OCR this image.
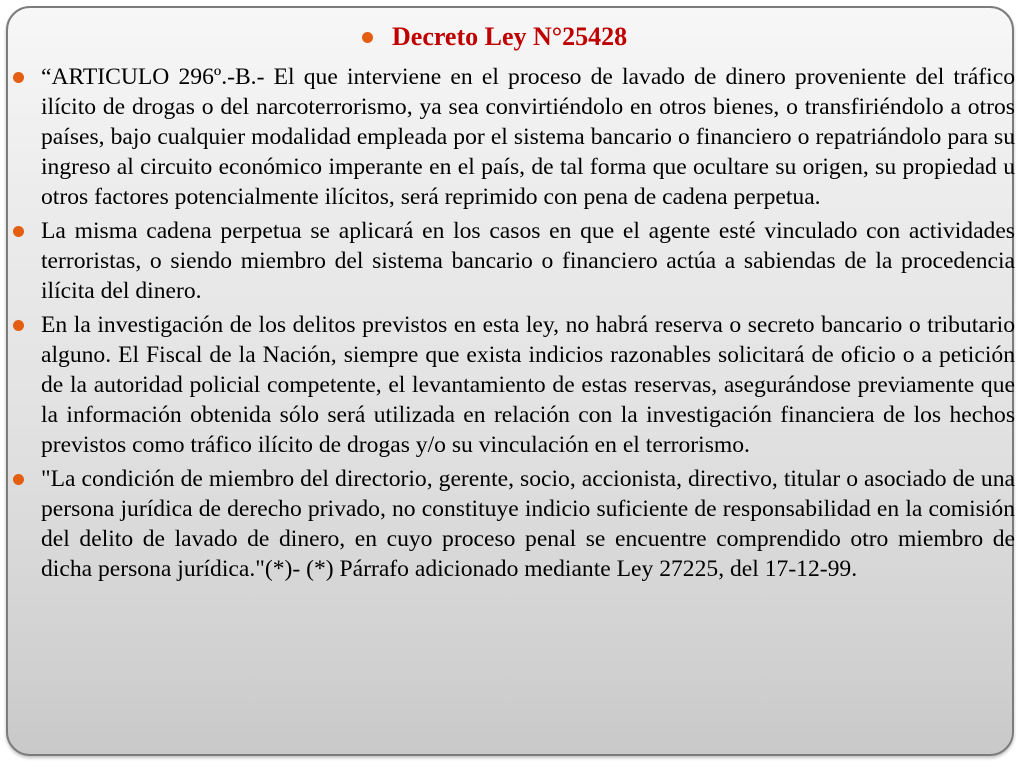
Decreto Ley N°25428
“ARTICULO 296º.-B.- El que interviene en el proceso de lavado de dinero proveniente del tráfico ilícito de drogas o del narcoterrorismo, ya sea convirtiéndolo en otros bienes, o transfiriéndolo a otros países, bajo cualquier modalidad empleada por el sistema bancario o financiero o repatriándolo para su ingreso al circuito económico imperante en el país, de tal forma que ocultare su origen, su propiedad u otros factores potencialmente ilícitos, será reprimido con pena de cadena perpetua.
La misma cadena perpetua se aplicará en los casos en que el agente esté vinculado con actividades terroristas, o siendo miembro del sistema bancario o financiero actúa a sabiendas de la procedencia ilícita del dinero.
En la investigación de los delitos previstos en esta ley, no habrá reserva o secreto bancario o tributario alguno. El Fiscal de la Nación, siempre que exista indicios razonables solicitará de oficio o a petición de la autoridad policial competente, el levantamiento de estas reservas, asegurándose previamente que la información obtenida sólo será utilizada en relación con la investigación financiera de los hechos previstos como tráfico ilícito de drogas y/o su vinculación en el terrorismo.
"La condición de miembro del directorio, gerente, socio, accionista, directivo, titular o asociado de una persona jurídica de derecho privado, no constituye indicio suficiente de responsabilidad en la comisión del delito de lavado de dinero, en cuyo proceso penal se encuentre comprendido otro miembro de dicha persona jurídica."(*)- (*) Párrafo adicionado mediante Ley 27225, del 17-12-99.
